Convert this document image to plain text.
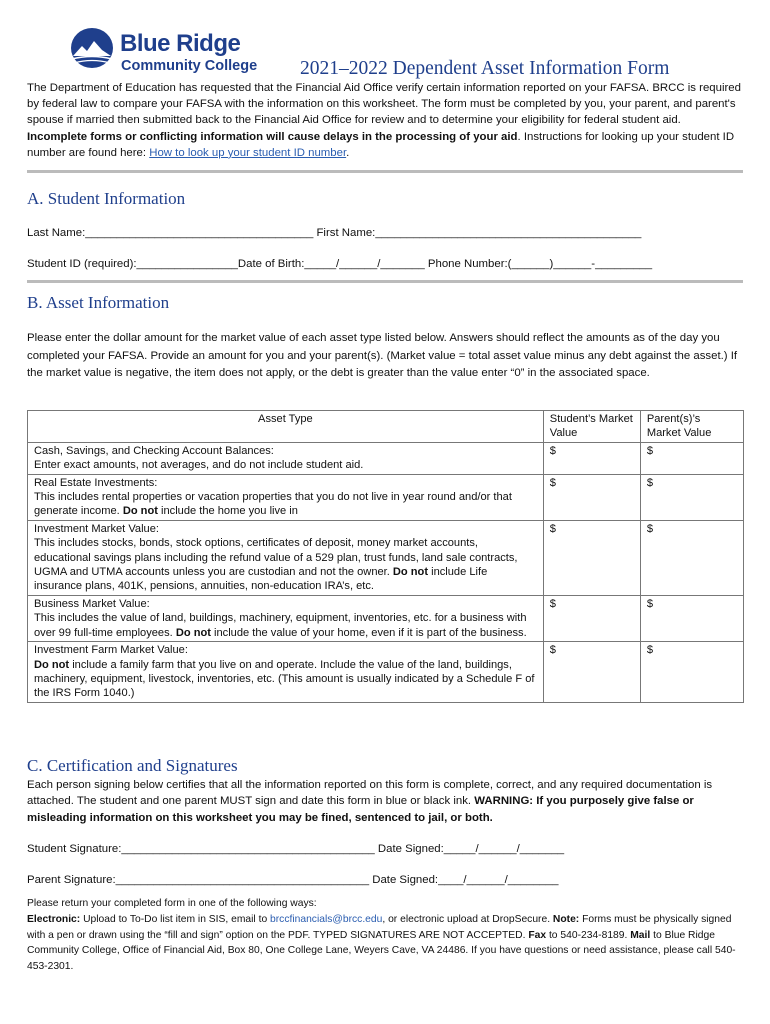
Blue Ridge
Community College 2021–2022 Dependent Asset Information Form
The Department of Education has requested that the Financial Aid Office verify certain information reported on your FAFSA. BRCC is required by federal law to compare your FAFSA with the information on this worksheet. The form must be completed by you, your parent, and parent's spouse if married then submitted back to the Financial Aid Office for review and to determine your eligibility for federal student aid. Incomplete forms or conflicting information will cause delays in the processing of your aid. Instructions for looking up your student ID number are found here: How to look up your student ID number.
A. Student Information
Last Name:____________________________________ First Name:__________________________________________
Student ID (required):________________Date of Birth:_____/______/_______ Phone Number:(______)______-_________
B. Asset Information
Please enter the dollar amount for the market value of each asset type listed below. Answers should reflect the amounts as of the day you completed your FAFSA. Provide an amount for you and your parent(s). (Market value = total asset value minus any debt against the asset.) If the market value is negative, the item does not apply, or the debt is greater than the value enter “0” in the associated space.
Asset Type	Student’s Market Value	Parent(s)’s Market Value
Cash, Savings, and Checking Account Balances:
Enter exact amounts, not averages, and do not include student aid.	$	$
Real Estate Investments:
This includes rental properties or vacation properties that you do not live in year round and/or that generate income. Do not include the home you live in	$	$
Investment Market Value:
This includes stocks, bonds, stock options, certificates of deposit, money market accounts, educational savings plans including the refund value of a 529 plan, trust funds, land sale contracts, UGMA and UTMA accounts unless you are custodian and not the owner. Do not include Life insurance plans, 401K, pensions, annuities, non-education IRA’s, etc.	$	$
Business Market Value:
This includes the value of land, buildings, machinery, equipment, inventories, etc. for a business with over 99 full-time employees. Do not include the value of your home, even if it is part of the business.	$	$
Investment Farm Market Value:
Do not include a family farm that you live on and operate. Include the value of the land, buildings, machinery, equipment, livestock, inventories, etc. (This amount is usually indicated by a Schedule F of the IRS Form 1040.)	$	$
C. Certification and Signatures
Each person signing below certifies that all the information reported on this form is complete, correct, and any required documentation is attached. The student and one parent MUST sign and date this form in blue or black ink. WARNING: If you purposely give false or misleading information on this worksheet you may be fined, sentenced to jail, or both.
Student Signature:________________________________________ Date Signed:_____/______/_______
Parent Signature:________________________________________ Date Signed:____/______/________
Please return your completed form in one of the following ways:
Electronic: Upload to To-Do list item in SIS, email to brccfinancials@brcc.edu, or electronic upload at DropSecure. Note: Forms must be physically signed with a pen or drawn using the “fill and sign” option on the PDF. TYPED SIGNATURES ARE NOT ACCEPTED. Fax to 540-234-8189. Mail to Blue Ridge Community College, Office of Financial Aid, Box 80, One College Lane, Weyers Cave, VA 24486. If you have questions or need assistance, please call 540-453-2301.
